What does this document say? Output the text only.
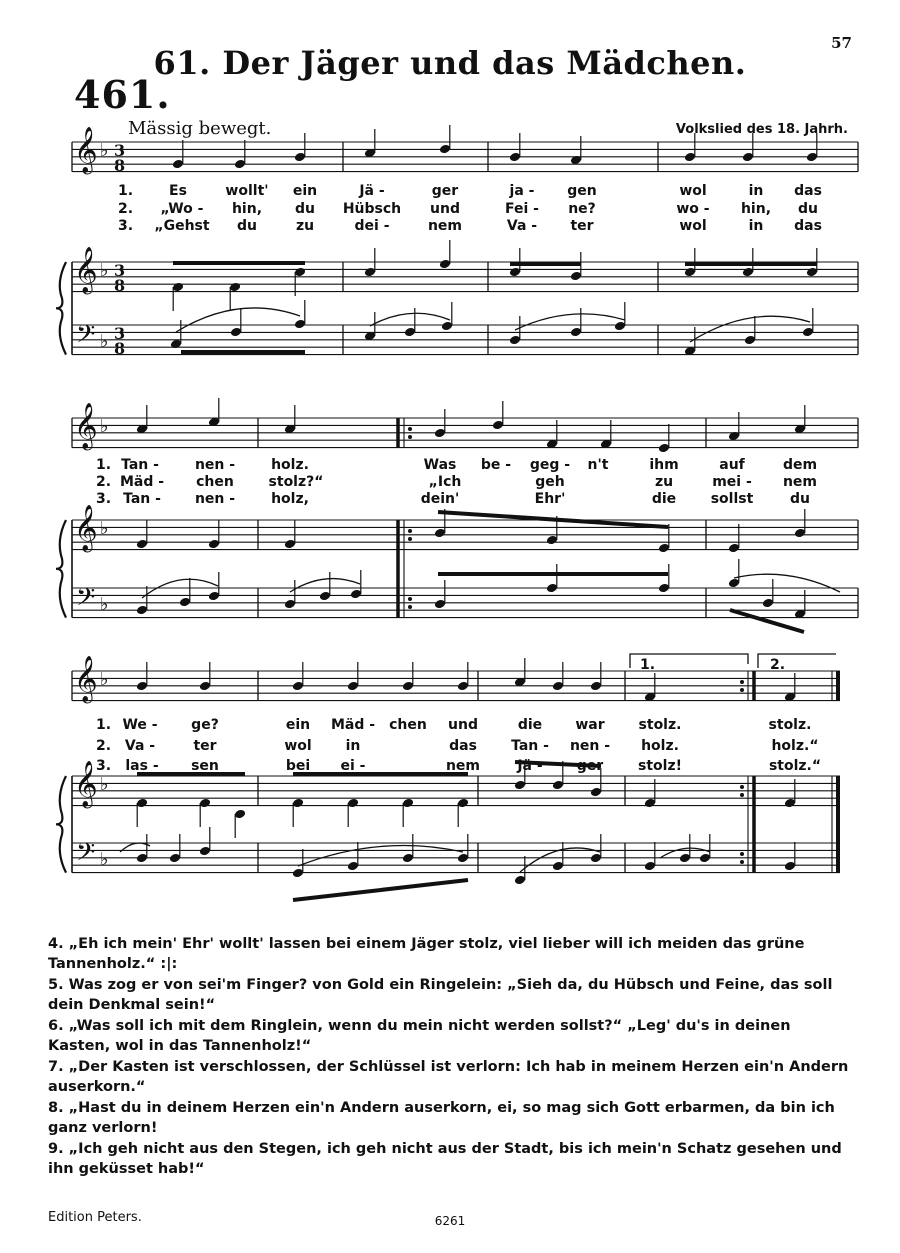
57
461.
61. Der Jäger und das Mädchen.
Mässig bewegt.	Volkslied des 18. Jahrh.
𝄞 ♭ 3
8
𝄞 ♭ 3
8
𝄢 ♭ 3
8
𝄞 ♭
𝄞 ♭
𝄢 ♭
𝄞 ♭
𝄞 ♭
𝄢 ♭
1.	Es	wollt' ein	Jä -	ger	ja - gen	wol	in das
2. „Wo - hin, du Hübsch und	Fei - ne?	wo - hin, du
3. „Gehst du	zu	dei -	nem	Va - ter	wol	in das
1. Tan -	nen -	holz.	Was be - geg - n't	ihm	auf	dem
2. Mäd - chen stolz?“	„Ich	geh	zu	mei - nem
3. Tan - nen -	holz,	dein'	Ehr'	die sollst	du
1.	2.
1. We - ge?	ein Mäd - chen und	die war stolz.	stolz.
2. Va -	ter	wol in	das Tan - nen - holz.	holz.“
3. las - sen	bei ei -	nem	Jä - ger stolz!	stolz.“
4. „Eh ich mein' Ehr' wollt' lassen bei einem Jäger stolz, viel lieber will ich meiden das grüne Tannenholz.“ :|:
5. Was zog er von sei'm Finger? von Gold ein Ringelein: „Sieh da, du Hübsch und Feine, das soll dein Denkmal sein!“
6. „Was soll ich mit dem Ringlein, wenn du mein nicht werden sollst?“ „Leg' du's in deinen Kasten, wol in das Tannenholz!“
7. „Der Kasten ist verschlossen, der Schlüssel ist verlorn: Ich hab in meinem Herzen ein'n Andern auserkorn.“
8. „Hast du in deinem Herzen ein'n Andern auserkorn, ei, so mag sich Gott erbarmen, da bin ich ganz verlorn!
9. „Ich geh nicht aus den Stegen, ich geh nicht aus der Stadt, bis ich mein'n Schatz gesehen und ihn geküsset hab!“
Edition Peters.	6261
